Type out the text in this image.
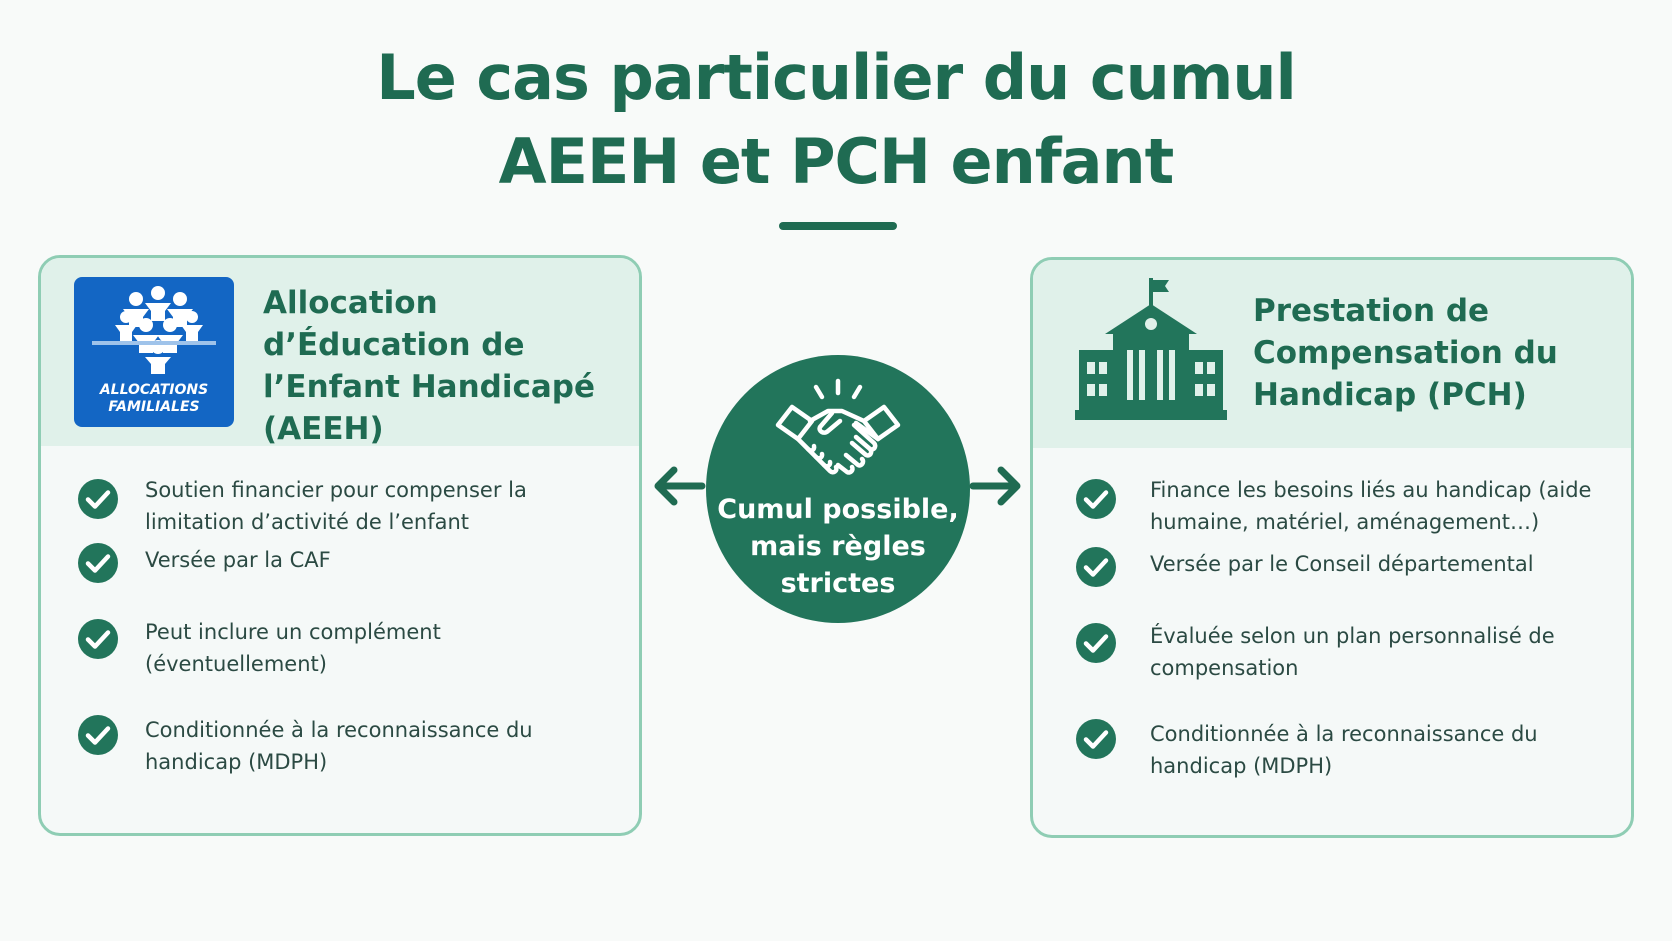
Le cas particulier du cumul
AEEH et PCH enfant
ALLOCATIONS
FAMILIALES
Allocation d’Éducation de l’Enfant Handicapé (AEEH)
Soutien financier pour compenser la limitation d’activité de l’enfant
Versée par la CAF
Peut inclure un complément (éventuellement)
Conditionnée à la reconnaissance du handicap (MDPH)
Cumul possible, mais règles strictes
Prestation de Compensation du Handicap (PCH)
Finance les besoins liés au handicap (aide humaine, matériel, aménagement…)
Versée par le Conseil départemental
Évaluée selon un plan personnalisé de compensation
Conditionnée à la reconnaissance du handicap (MDPH)
